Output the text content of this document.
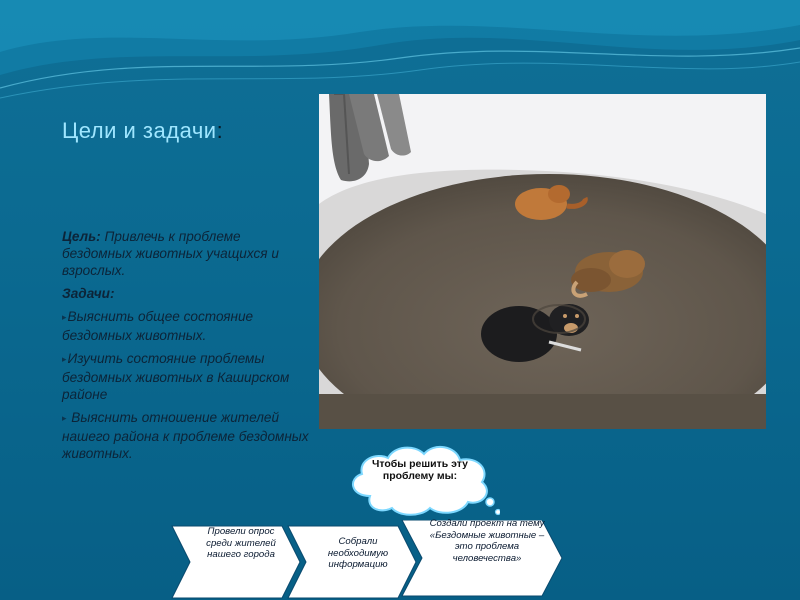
Цели и задачи:

Цель: Привлечь к проблеме бездомных животных учащихся и взрослых.

Задачи:

▸ Выяснить общее состояние бездомных животных.

▸ Изучить состояние проблемы бездомных животных в Каширском районе

▸ Выяснить отношение жителей нашего района к проблеме бездомных животных.

Чтобы решить эту проблему мы:
Провели опрос среди жителей нашего города
Собрали необходимую информацию
Создали проект на тему «Бездомные животные –это проблема человечества»
